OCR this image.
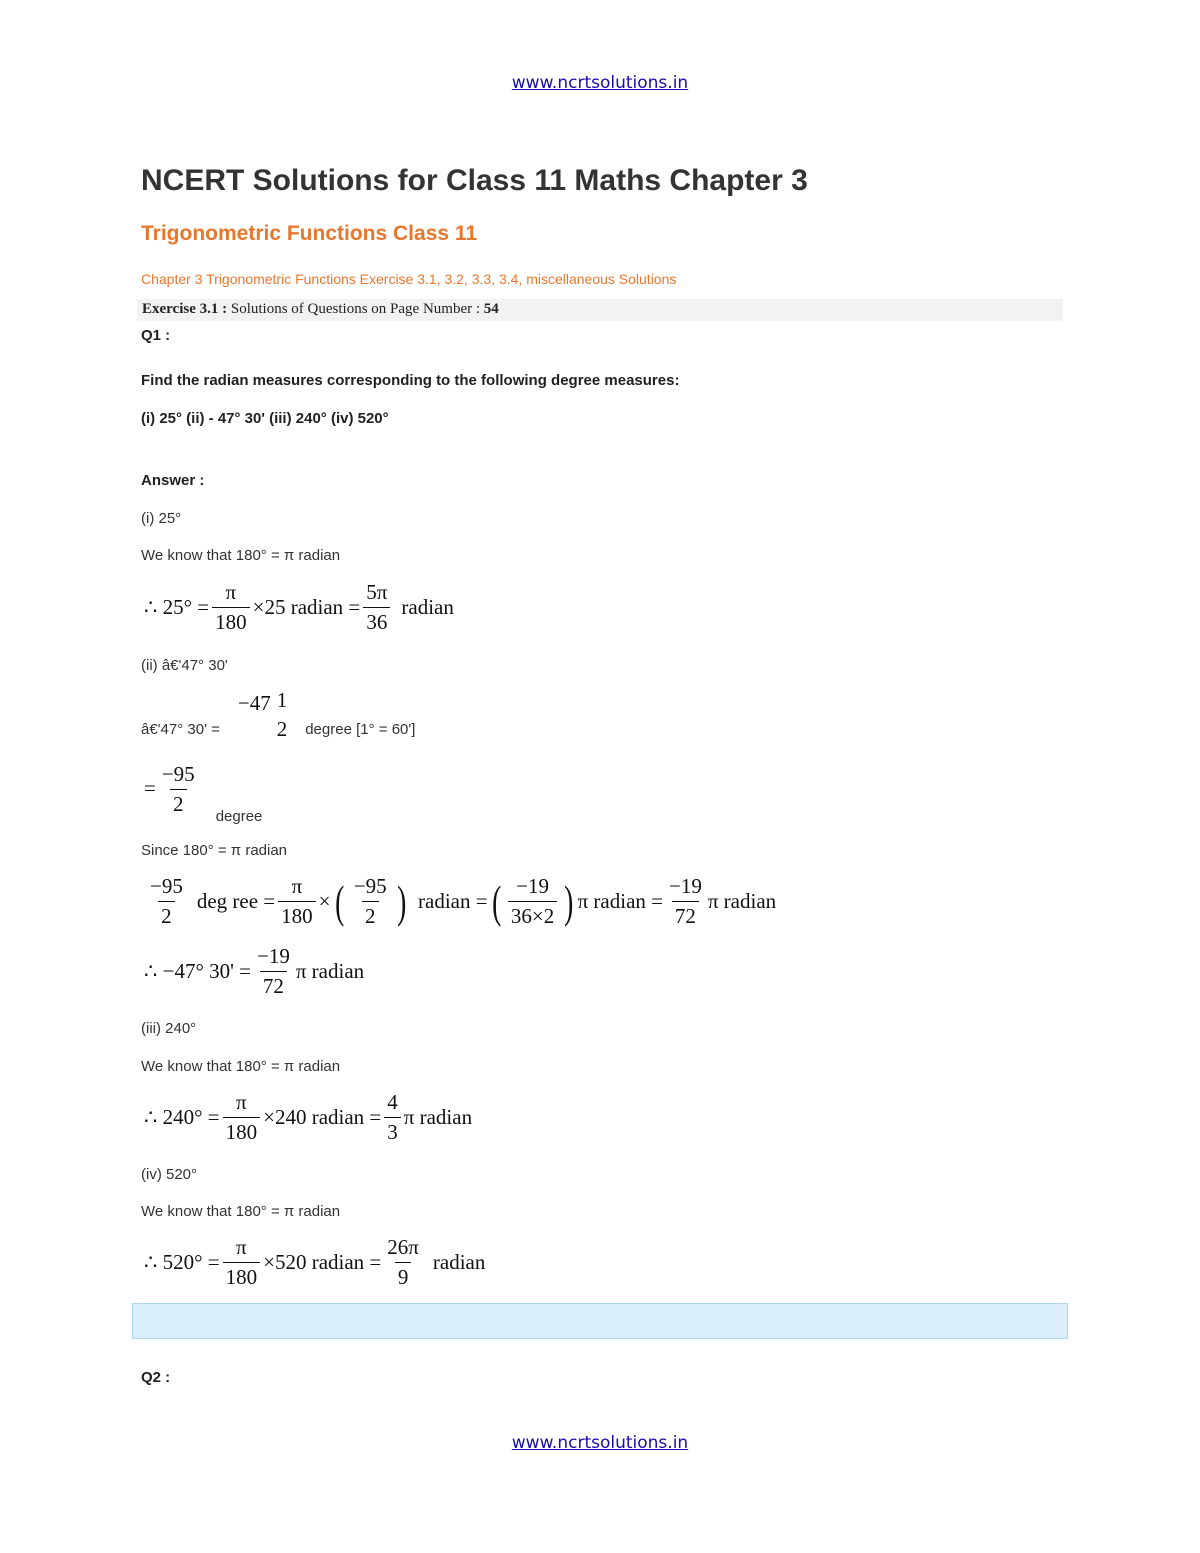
www.ncrtsolutions.in
NCERT Solutions for Class 11 Maths Chapter 3
Trigonometric Functions Class 11
Chapter 3 Trigonometric Functions Exercise 3.1, 3.2, 3.3, 3.4, miscellaneous Solutions
Exercise 3.1 : Solutions of Questions on Page Number : 54
Q1 :
Find the radian measures corresponding to the following degree measures:
(i) 25° (ii) - 47° 30' (iii) 240° (iv) 520°
Answer :
(i) 25°
We know that 180° = π radian
∴ $25^\circ = \frac{\pi}{180} \times 25$ radian = $\frac{5\pi}{36}$ radian
(ii) â€'47° 30'
â€'47° 30' =
−47 1
2 degree [1° = 60']
= $\frac{-95}{2}$ degree
Since 180° = π radian
$\frac{-95}{2}$ deg ree = $\frac{\pi}{180}$ × ( $\frac{-95}{2}$ ) radian = ( $\frac{-19}{36\times 2}$ ) π radian = $\frac{-19}{72}$ π radian
∴ −47° $30' = \frac{-19}{72}$ π radian
(iii) 240°
We know that 180° = π radian
∴ $240^\circ = \frac{\pi}{180} \times 240$ radian = $\frac{4}{3}$ π radian
(iv) 520°
We know that 180° = π radian
∴ $520^\circ = \frac{\pi}{180} \times 520$ radian = $\frac{26\pi}{9}$ radian
Q2 :
www.ncrtsolutions.in
